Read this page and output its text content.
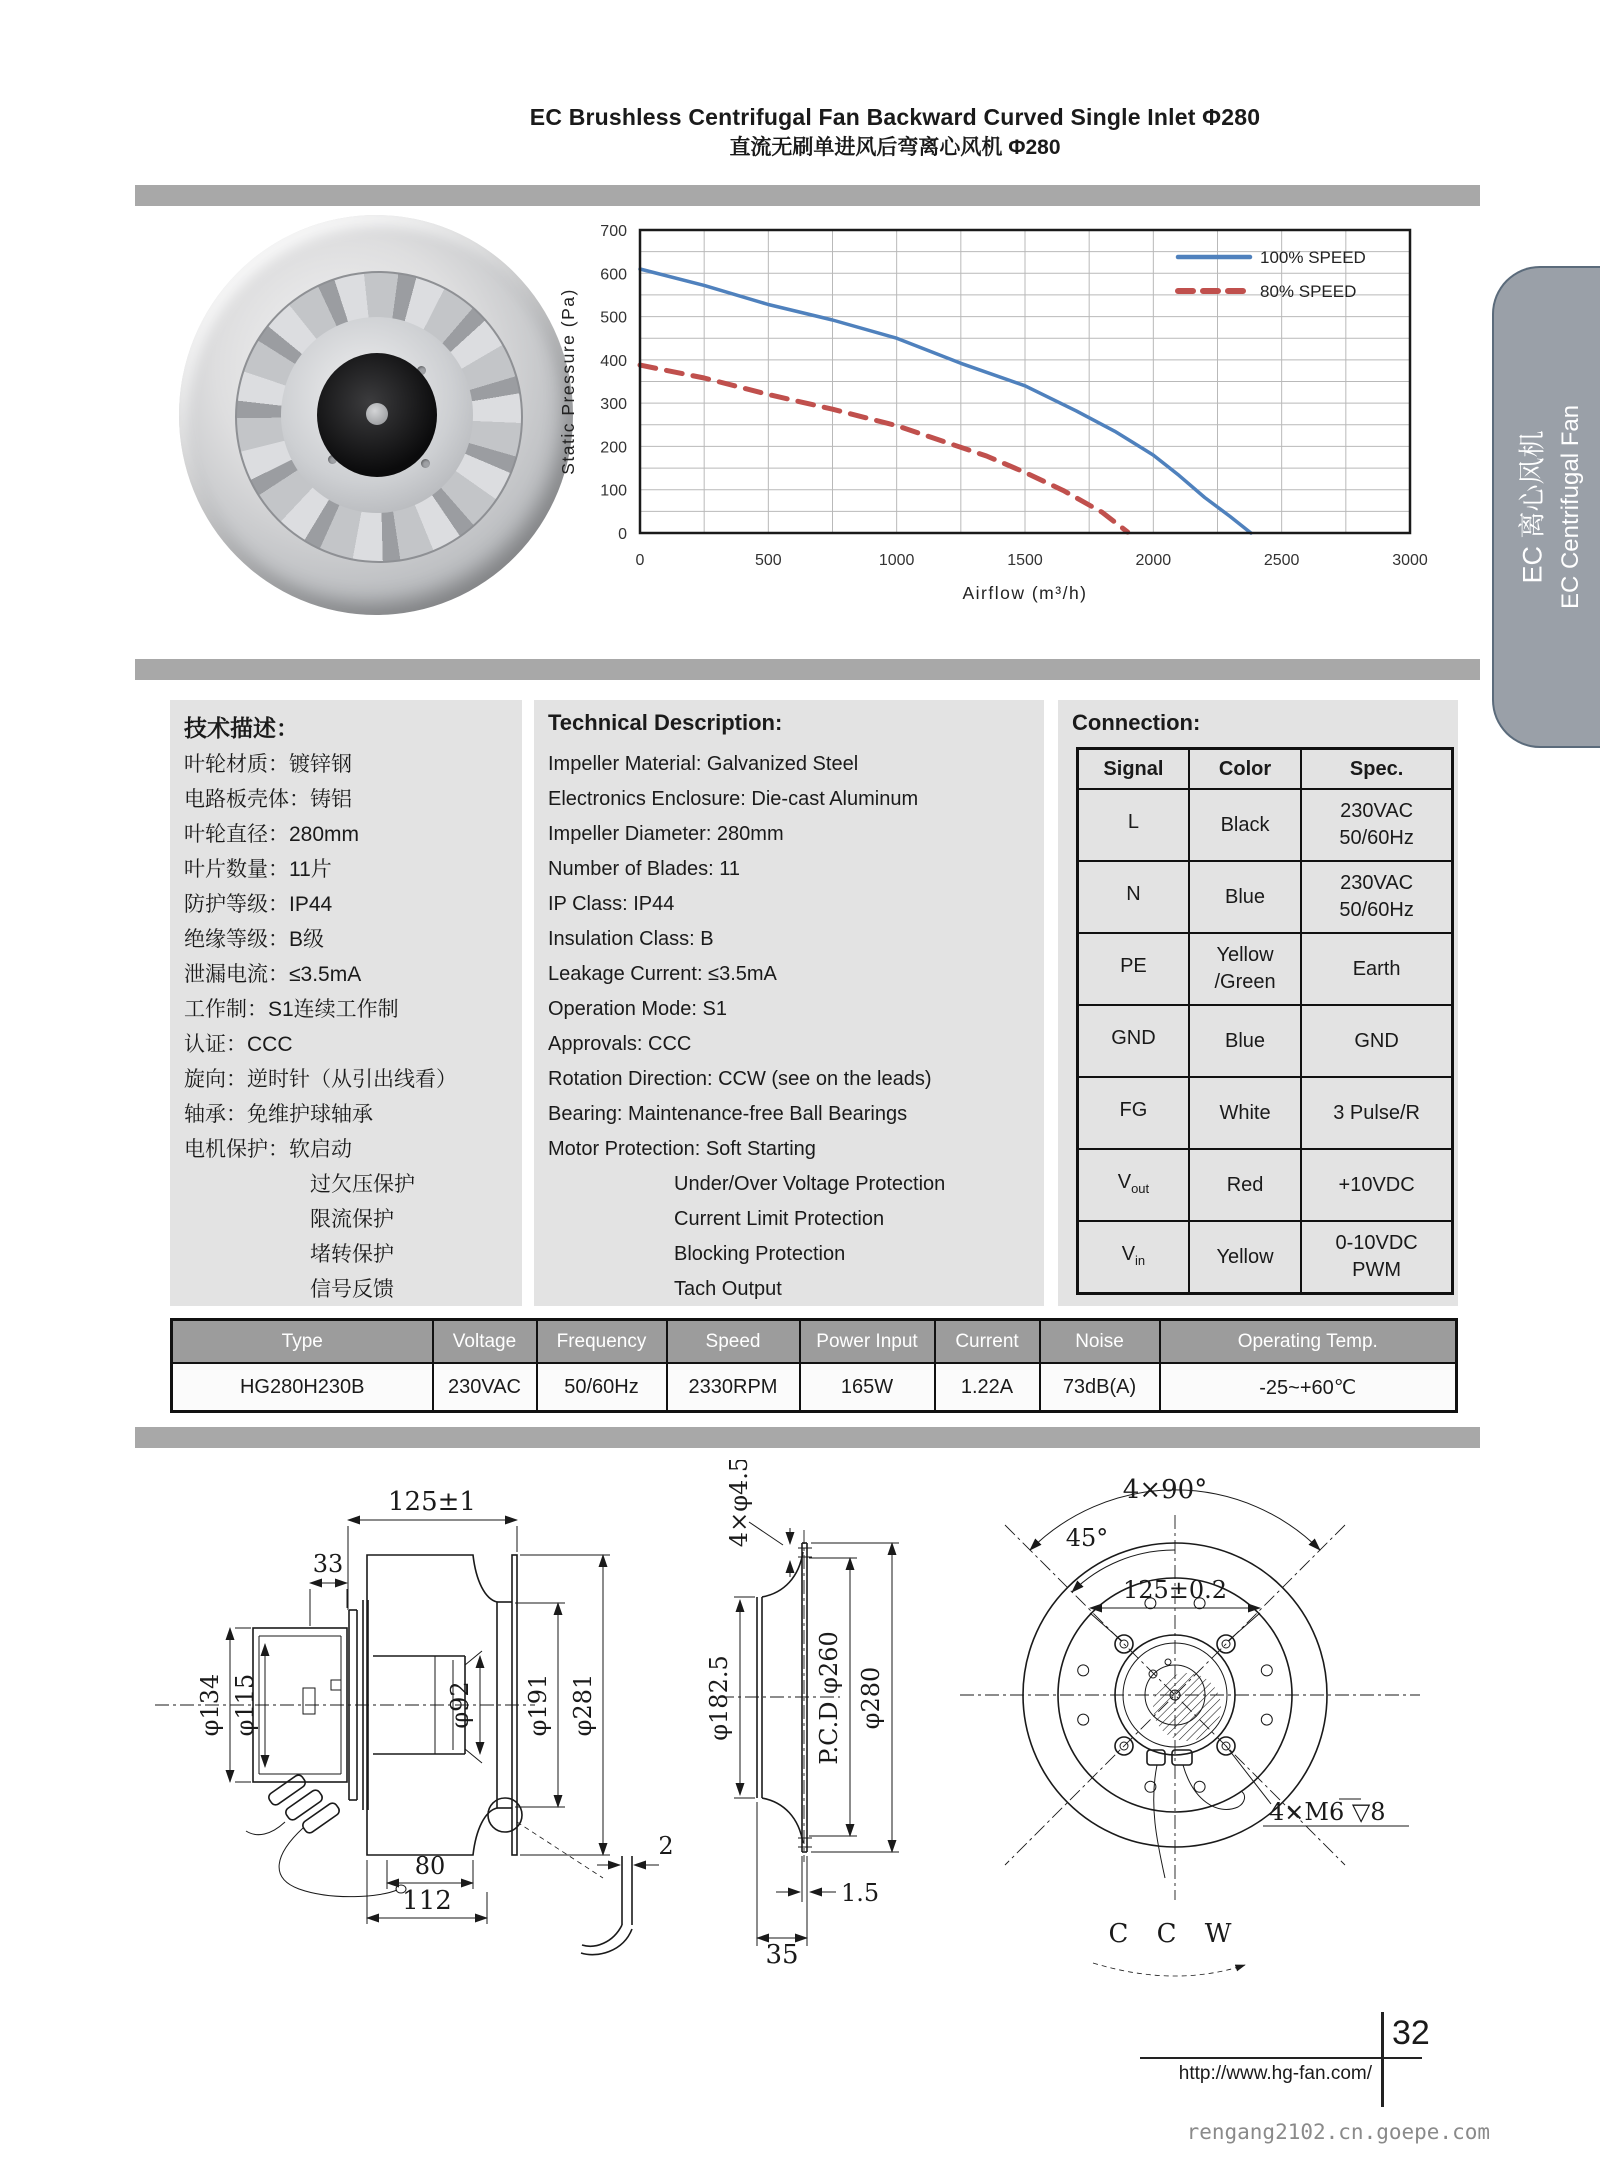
EC Brushless Centrifugal Fan Backward Curved Single Inlet Φ280
直流无刷单进风后弯离心风机 Φ280
0	500	1000	1500	2000	2500	3000
0
100
200
300
400
500
600
700
100% SPEED
80% SPEED
Airflow (m³/h)
Static Pressure (Pa)
EC 离心风机 EC Centrifugal Fan
技术描述：
叶轮材质：镀锌钢
电路板壳体：铸铝
叶轮直径：280mm
叶片数量：11片
防护等级：IP44
绝缘等级：B级
泄漏电流：≤3.5mA
工作制：S1连续工作制
认证：CCC
旋向：逆时针（从引出线看）
轴承：免维护球轴承
电机保护：软启动
过欠压保护
限流保护
堵转保护
信号反馈
Technical Description:
Impeller Material: Galvanized Steel
Electronics Enclosure: Die-cast Aluminum
Impeller Diameter: 280mm
Number of Blades: 11
IP Class: IP44
Insulation Class: B
Leakage Current: ≤3.5mA
Operation Mode: S1
Approvals: CCC
Rotation Direction: CCW (see on the leads)
Bearing: Maintenance-free Ball Bearings
Motor Protection: Soft Starting
Under/Over Voltage Protection
Current Limit Protection
Blocking Protection
Tach Output
Connection:
Signal	Color	Spec.
L	Black	230VAC
50/60Hz

N	Blue	230VAC
50/60Hz

PE	Yellow
/Green	Earth

GND	Blue	GND

FG	White	3 Pulse/R

$V_{out}$	Red	+10VDC

$V_{in}$	Yellow	0-10VDC
PWM
Type	Voltage	Frequency	Speed	Power Input	Current	Noise	Operating Temp.
HG280H230B	230VAC	50/60Hz	2330RPM	165W	1.22A	73dB(A)	-25~+60℃
125±1
33
φ134 φ115	φ92 φ191 φ281
80
112
2
4×φ4.5
φ182.5	P.C.D φ260 φ280
1.5
35
4×90°
45°
125±0.2
4×M6 ▽8
C C W
32
http://www.hg-fan.com/
rengang2102.cn.goepe.com
